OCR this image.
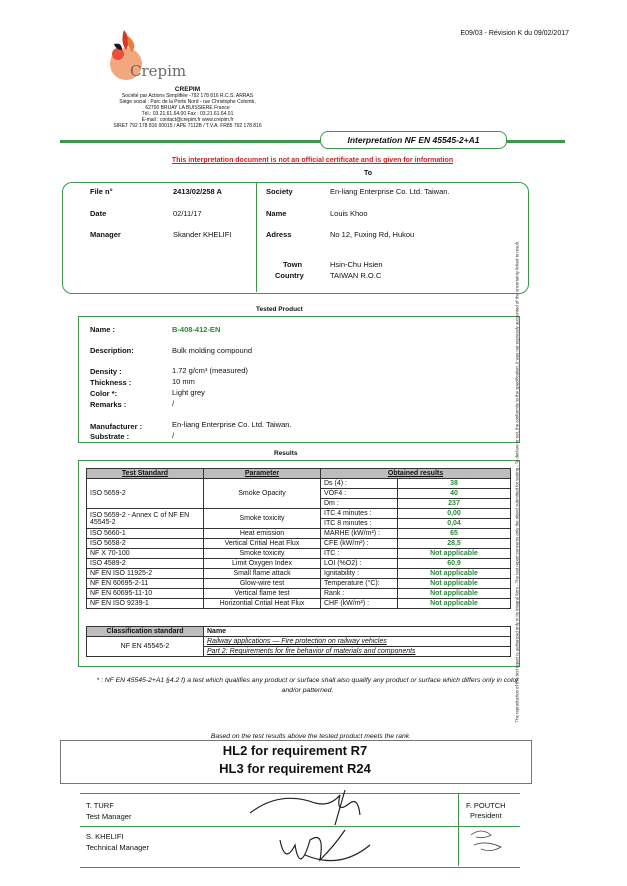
E09/03 - Révision K du 09/02/2017
Crepim
CREPIM
Société par Actions Simplifiée -792 178 816 R.C.S. ARRAS
Siège social : Parc de la Porte Nord - rue Christophe Colomb,
62700 BRUAY LA BUISSIERE France
Tél.: 03.21.61.64.00 Fax : 03.21.61.64.01
E-mail : contact@crepim.fr www.crepim.fr
SIRET 792 178 816 00015 / APE 7112B / T.V.A. FR85 792 178 816
Interpretation NF EN 45545-2+A1
This interpretation document is not an official certificate and is given for information
To
File n°	2413/02/258 A
Date	02/11/17
Manager	Skander KHELIFI
Society	En-liang Enterprise Co. Ltd. Taiwan.
Name	Louis Khoo
Adress	No 12, Fuxing Rd, Hukou
Town	Hsin-Chu Hsien
Country	TAIWAN R.O.C
Tested Product
Name :	B-408-412-EN
Description:	Bulk molding compound
Density :	1.72 g/cm³ (measured)
Thickness :	10 mm
Color *:	Light grey
Remarks :	/
Manufacturer :	En-liang Enterprise Co. Ltd. Taiwan.
Substrate :	/
Results
Test Standard	Parameter	Obtained results	
ISO 5659-2	Smoke Opacity	Ds (4) :	38
		VOF4 :	40
		Dm :	237
ISO 5659-2 - Annex C of NF EN 45545-2	Smoke toxicity	ITC 4 minutes :	0,00
		ITC 8 minutes :	0,04
ISO 5660-1	Heat emission	MARHE (kW/m²) :	65
ISO 5658-2	Vertical Critial Heat Flux	CFE (kW/m²) :	28,5
NF X 70-100	Smoke toxicity	ITC :	Not applicable
ISO 4589-2	Limit Oxygen Index	LOI (%O2) :	60,9
NF EN ISO 11925-2	Small flame attack	Ignitability :	Not applicable
NF EN 60695-2-11	Glow-wire test	Temperature (°C):	Not applicable
NF EN 60695-11-10	Vertical flame test	Rank :	Not applicable
NF EN ISO 9239-1	Horizontial Critial Heat Flux	CHF (kW/m²) :	Not applicable
Classification standard	Name
NF EN 45545-2	Railway applications — Fire protection on railway vehicles
	Part 2: Requirements for fire behavior of materials and components
* : NF EN 45545-2+A1 §4.2 f) a test which qualifies any product or surface shall also qualify any product or surface which differs only in color and/or patterned.
Based on the test results above the tested product meets the rank
HL2 for requirement R7
HL3 for requirement R24
T. TURF
Test Manager
S. KHELIFI
Technical Manager
F. POUTCH
President
The reproduction of this test report is authorized only in its integral form - The test report concerns only the object submitted for testing - To declare or not, the conformity to the specification, it was not expressly accounted of the uncertainty linked to result.
